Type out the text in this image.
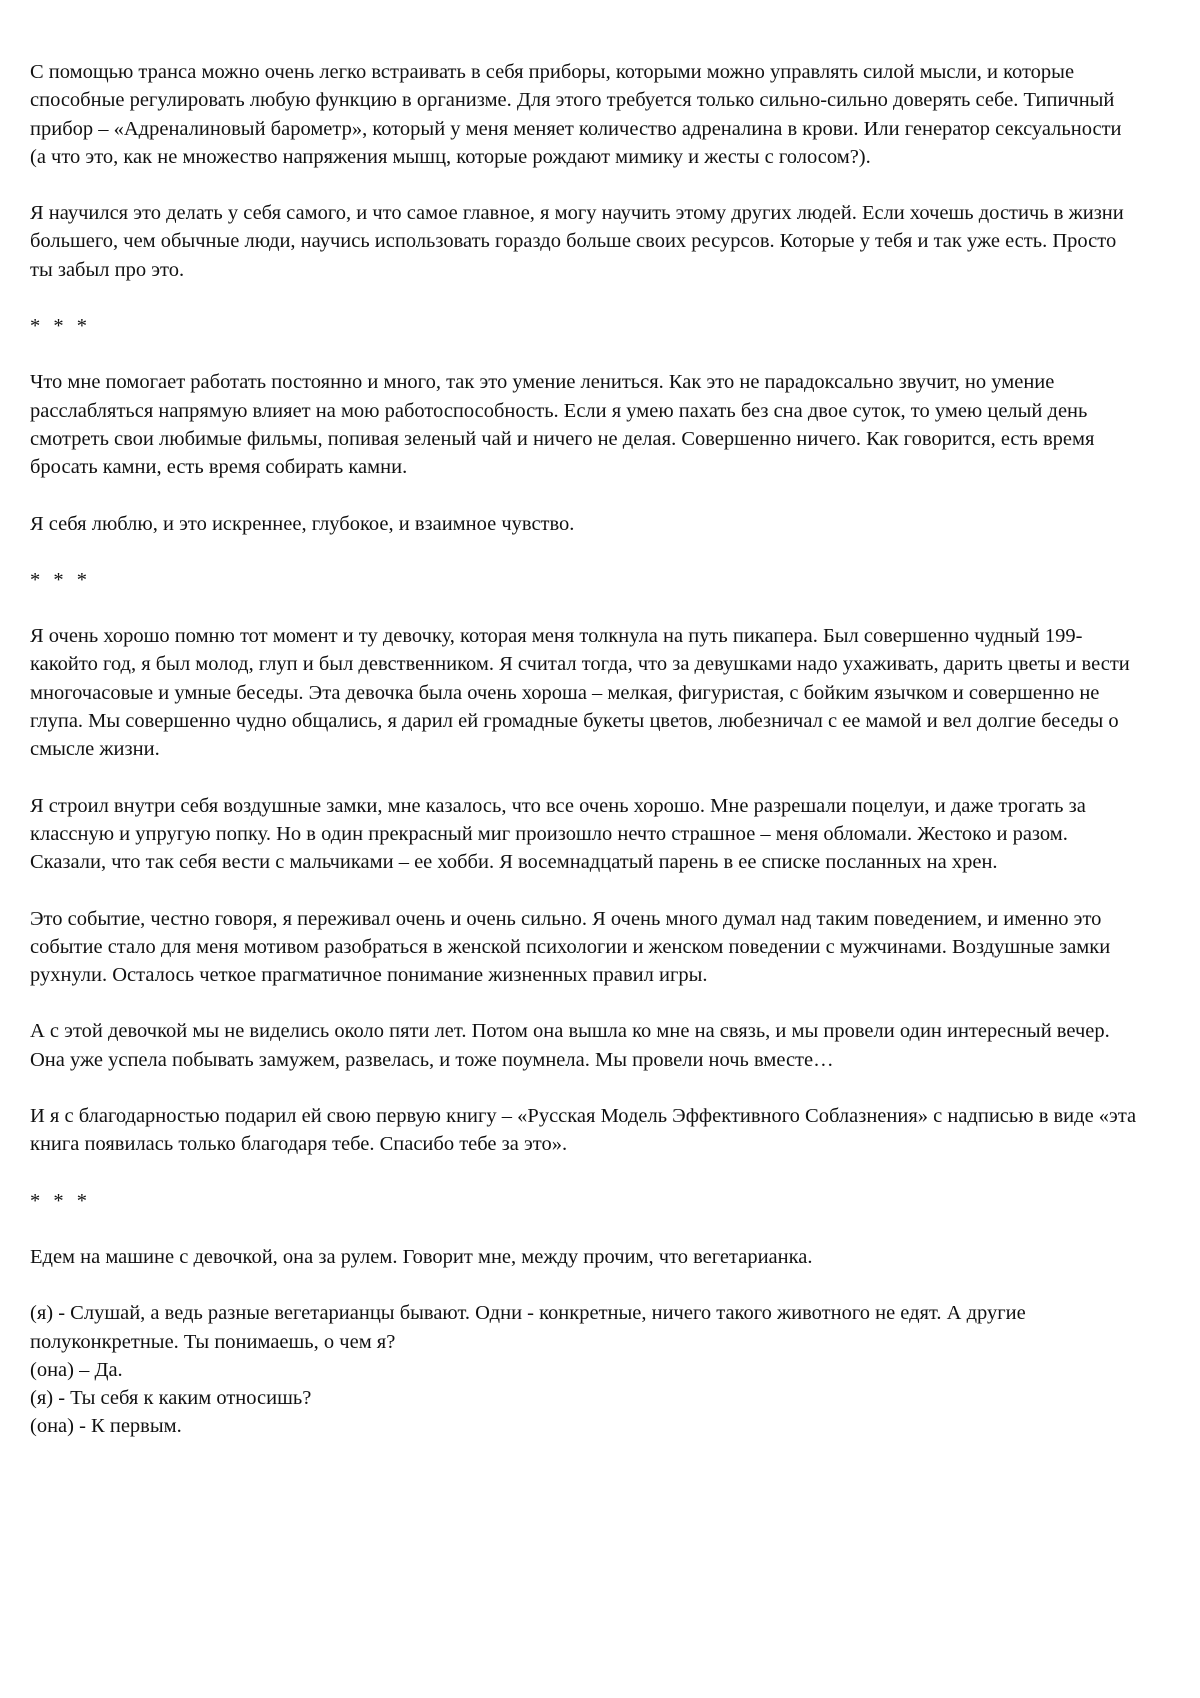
С помощью транса можно очень легко встраивать в себя приборы, которыми можно управлять силой мысли, и которые способные регулировать любую функцию в организме. Для этого требуется только сильно-сильно доверять себе. Типичный прибор – «Адреналиновый барометр», который у меня меняет количество адреналина в крови. Или генератор сексуальности (а что это, как не множество напряжения мышц, которые рождают мимику и жесты с голосом?).

Я научился это делать у себя самого, и что самое главное, я могу научить этому других людей. Если хочешь достичь в жизни большего, чем обычные люди, научись использовать гораздо больше своих ресурсов. Которые у тебя и так уже есть. Просто ты забыл про это.

* * *

Что мне помогает работать постоянно и много, так это умение лениться. Как это не парадоксально звучит, но умение расслабляться напрямую влияет на мою работоспособность. Если я умею пахать без сна двое суток, то умею целый день смотреть свои любимые фильмы, попивая зеленый чай и ничего не делая. Совершенно ничего. Как говорится, есть время бросать камни, есть время собирать камни.

Я себя люблю, и это искреннее, глубокое, и взаимное чувство.

* * *

Я очень хорошо помню тот момент и ту девочку, которая меня толкнула на путь пикапера. Был совершенно чудный 199-какойто год, я был молод, глуп и был девственником. Я считал тогда, что за девушками надо ухаживать, дарить цветы и вести многочасовые и умные беседы. Эта девочка была очень хороша – мелкая, фигуристая, с бойким язычком и совершенно не глупа. Мы совершенно чудно общались, я дарил ей громадные букеты цветов, любезничал с ее мамой и вел долгие беседы о смысле жизни.

Я строил внутри себя воздушные замки, мне казалось, что все очень хорошо. Мне разрешали поцелуи, и даже трогать за классную и упругую попку. Но в один прекрасный миг произошло нечто страшное – меня обломали. Жестоко и разом. Сказали, что так себя вести с мальчиками – ее хобби. Я восемнадцатый парень в ее списке посланных на хрен.

Это событие, честно говоря, я переживал очень и очень сильно. Я очень много думал над таким поведением, и именно это событие стало для меня мотивом разобраться в женской психологии и женском поведении с мужчинами. Воздушные замки рухнули. Осталось четкое прагматичное понимание жизненных правил игры.

А с этой девочкой мы не виделись около пяти лет. Потом она вышла ко мне на связь, и мы провели один интересный вечер. Она уже успела побывать замужем, развелась, и тоже поумнела. Мы провели ночь вместе…

И я с благодарностью подарил ей свою первую книгу – «Русская Модель Эффективного Соблазнения» с надписью в виде «эта книга появилась только благодаря тебе. Спасибо тебе за это».

* * *

Едем на машине с девочкой, она за рулем. Говорит мне, между прочим, что вегетарианка.

(я) - Слушай, а ведь разные вегетарианцы бывают. Одни - конкретные, ничего такого животного не едят. А другие полуконкретные. Ты понимаешь, о чем я?

(она) – Да.

(я) - Ты себя к каким относишь?

(она) - К первым.
